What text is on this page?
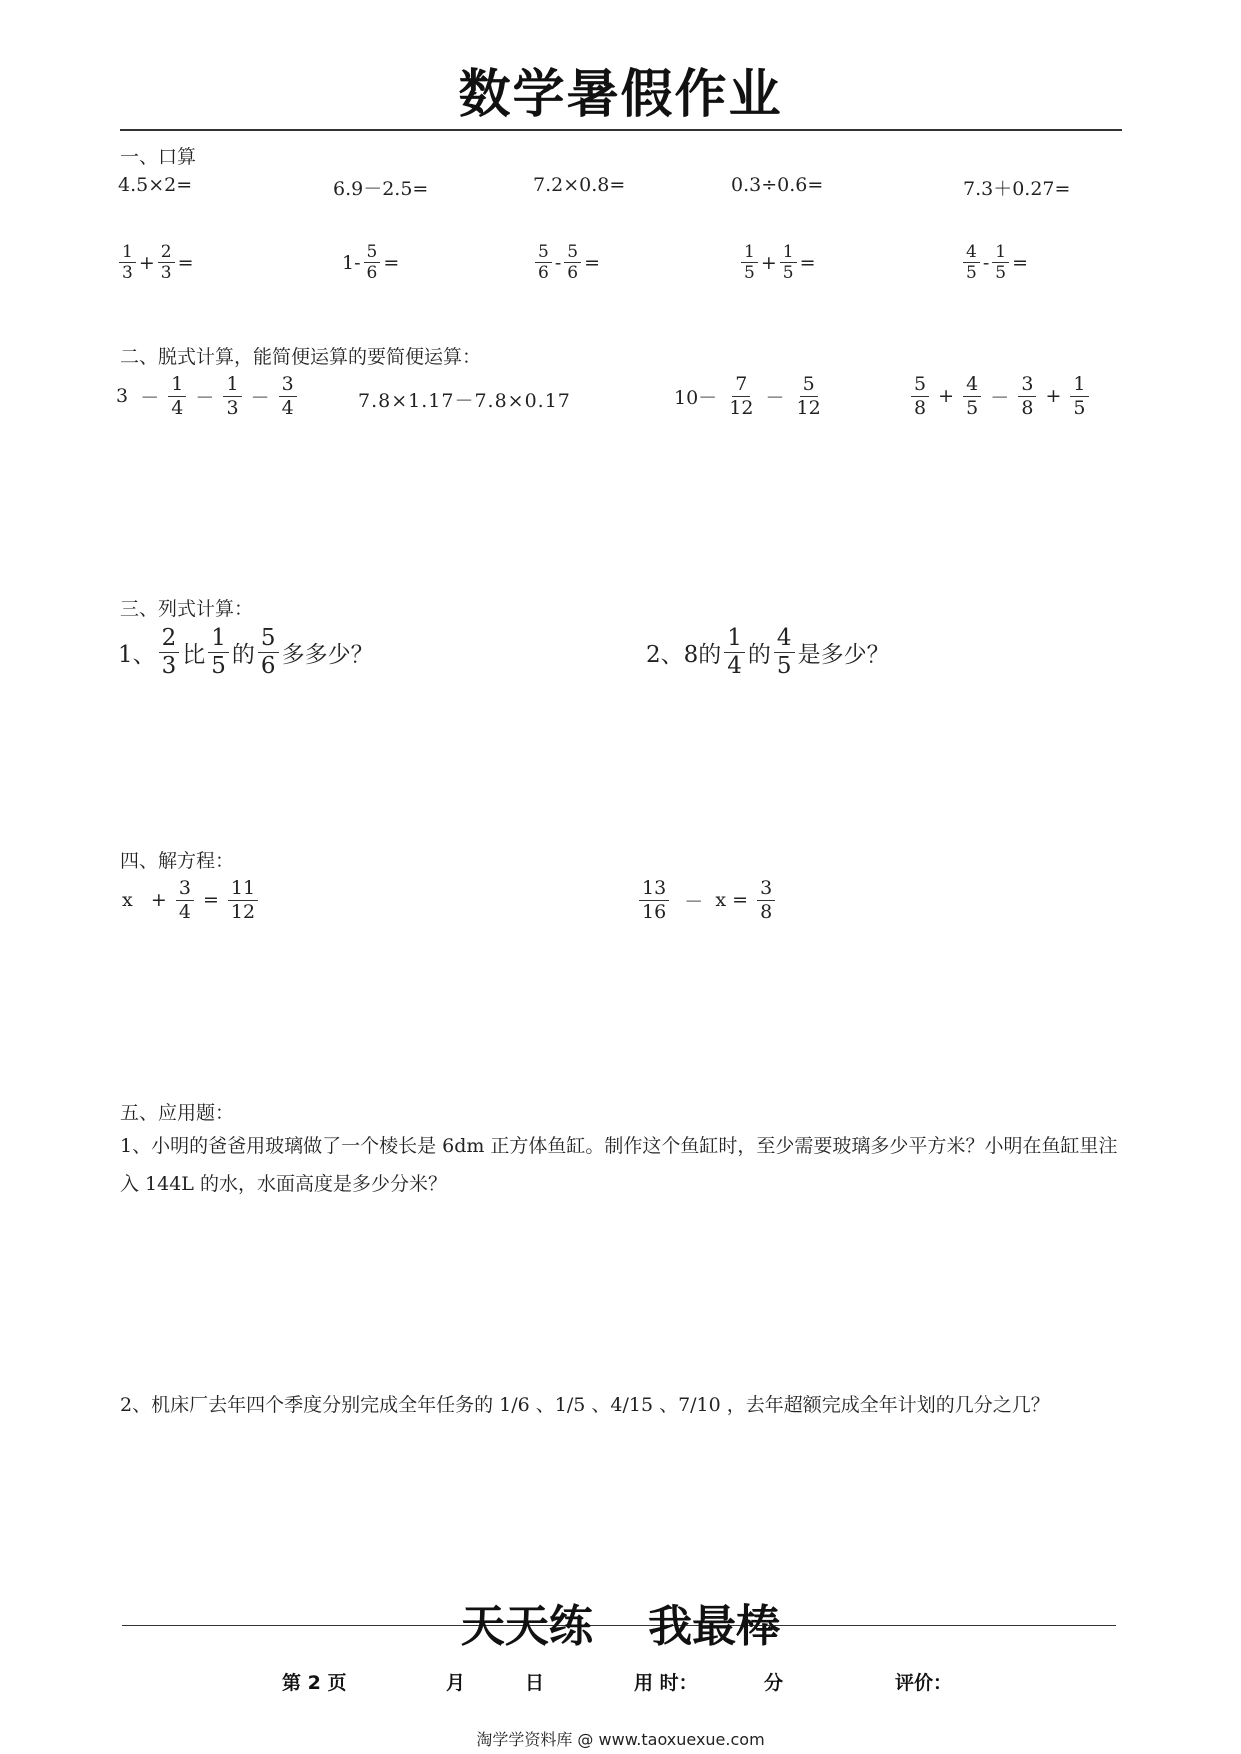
数学暑假作业
一、口算
4.5×2=	6.9－2.5=	7.2×0.8=	0.3÷0.6=	7.3＋0.27=
$\frac{1}{3} + \frac{2}{3}$ =	$1- \frac{5}{6}$ =	$\frac{5}{6} - \frac{5}{6}$ =	$\frac{1}{5} + \frac{1}{5}$ =	$\frac{4}{5} - \frac{1}{5}$ =
二、脱式计算，能简便运算的要简便运算：
$3 - \frac{1}{4} - \frac{1}{3} - \frac{3}{4}$	7.8×1.17－7.8×0.17	$10- \frac{7}{12} - \frac{5}{12}$	$\frac{5}{8} + \frac{4}{5} - \frac{3}{8} + \frac{1}{5}$
三、列式计算：
1、 $\frac{2}{3}$ 比 $\frac{1}{5}$ 的 $\frac{5}{6}$ 多多少？	2、8的 $\frac{1}{4}$ 的 $\frac{4}{5}$ 是多少？
四、解方程：
$x + \frac{3}{4} = \frac{11}{12}$	$\frac{13}{16} - x = \frac{3}{8}$
五、应用题：
1、小明的爸爸用玻璃做了一个棱长是 6dm 正方体鱼缸。制作这个鱼缸时，至少需要玻璃多少平方米？小明在鱼缸里注入 144L 的水，水面高度是多少分米？
2、机床厂去年四个季度分别完成全年任务的 1/6 、1/5 、4/15 、7/10 ，去年超额完成全年计划的几分之几？
天天练 我最棒
第 2 页	月	日	用 时：	分	评价：
淘学学资料库 @ www.taoxuexue.com
